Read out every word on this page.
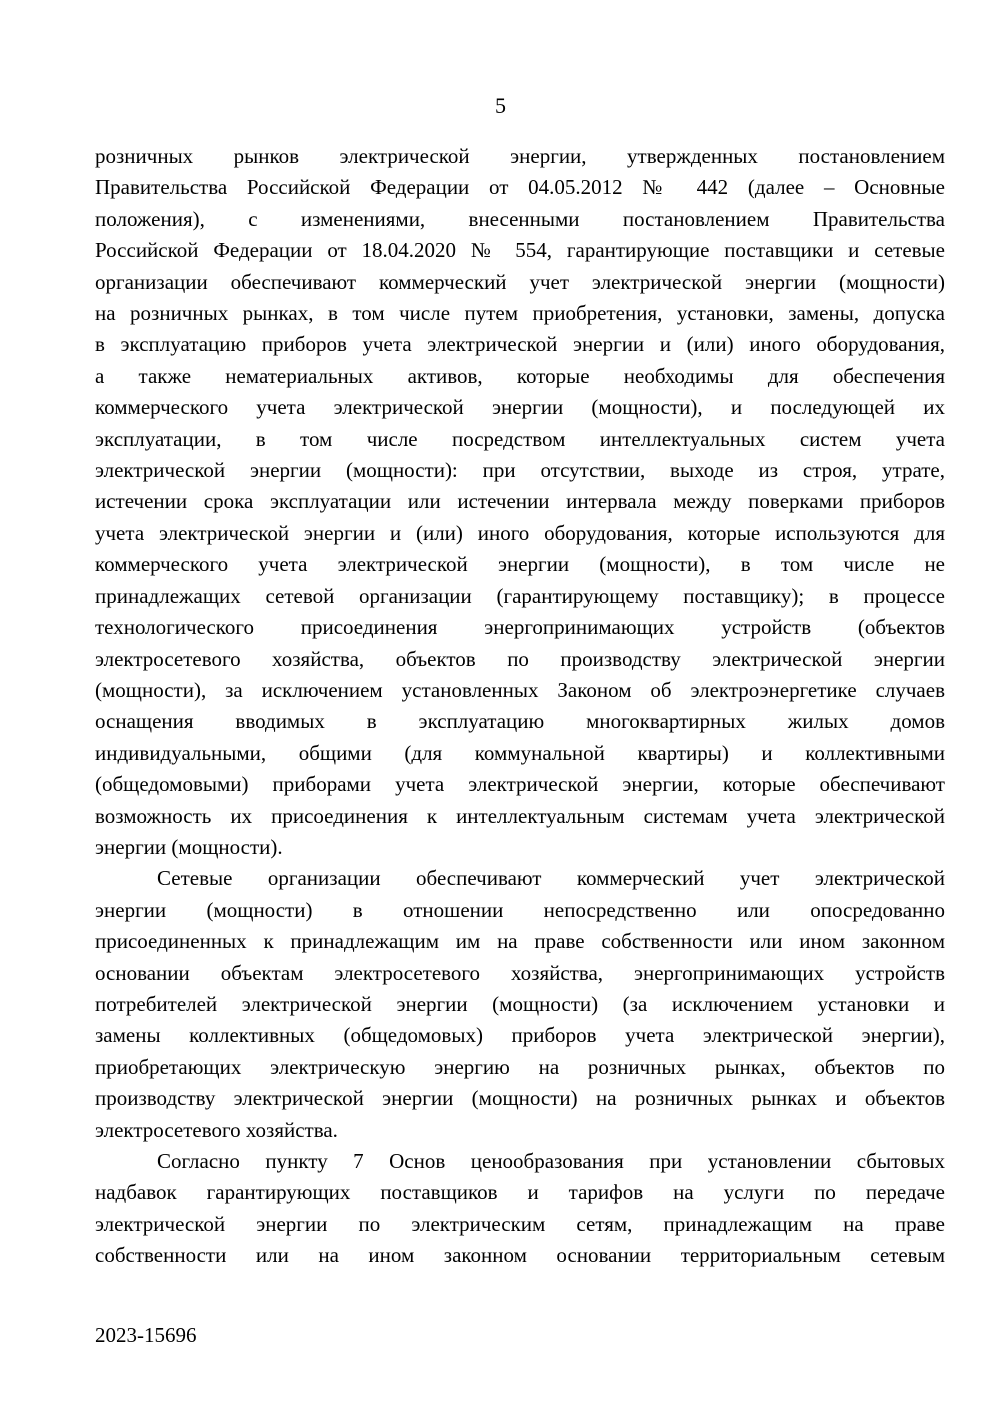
5
розничных рынков электрической энергии, утвержденных постановлением
Правительства Российской Федерации от 04.05.2012 № 442 (далее – Основные
положения), с изменениями, внесенными постановлением Правительства
Российской Федерации от 18.04.2020 № 554, гарантирующие поставщики и сетевые
организации обеспечивают коммерческий учет электрической энергии (мощности)
на розничных рынках, в том числе путем приобретения, установки, замены, допуска
в эксплуатацию приборов учета электрической энергии и (или) иного оборудования,
а также нематериальных активов, которые необходимы для обеспечения
коммерческого учета электрической энергии (мощности), и последующей их
эксплуатации, в том числе посредством интеллектуальных систем учета
электрической энергии (мощности): при отсутствии, выходе из строя, утрате,
истечении срока эксплуатации или истечении интервала между поверками приборов
учета электрической энергии и (или) иного оборудования, которые используются для
коммерческого учета электрической энергии (мощности), в том числе не
принадлежащих сетевой организации (гарантирующему поставщику); в процессе
технологического присоединения энергопринимающих устройств (объектов
электросетевого хозяйства, объектов по производству электрической энергии
(мощности), за исключением установленных Законом об электроэнергетике случаев
оснащения вводимых в эксплуатацию многоквартирных жилых домов
индивидуальными, общими (для коммунальной квартиры) и коллективными
(общедомовыми) приборами учета электрической энергии, которые обеспечивают
возможность их присоединения к интеллектуальным системам учета электрической
энергии (мощности).
Сетевые организации обеспечивают коммерческий учет электрической
энергии (мощности) в отношении непосредственно или опосредованно
присоединенных к принадлежащим им на праве собственности или ином законном
основании объектам электросетевого хозяйства, энергопринимающих устройств
потребителей электрической энергии (мощности) (за исключением установки и
замены коллективных (общедомовых) приборов учета электрической энергии),
приобретающих электрическую энергию на розничных рынках, объектов по
производству электрической энергии (мощности) на розничных рынках и объектов
электросетевого хозяйства.
Согласно пункту 7 Основ ценообразования при установлении сбытовых
надбавок гарантирующих поставщиков и тарифов на услуги по передаче
электрической энергии по электрическим сетям, принадлежащим на праве
собственности или на ином законном основании территориальным сетевым
2023-15696
